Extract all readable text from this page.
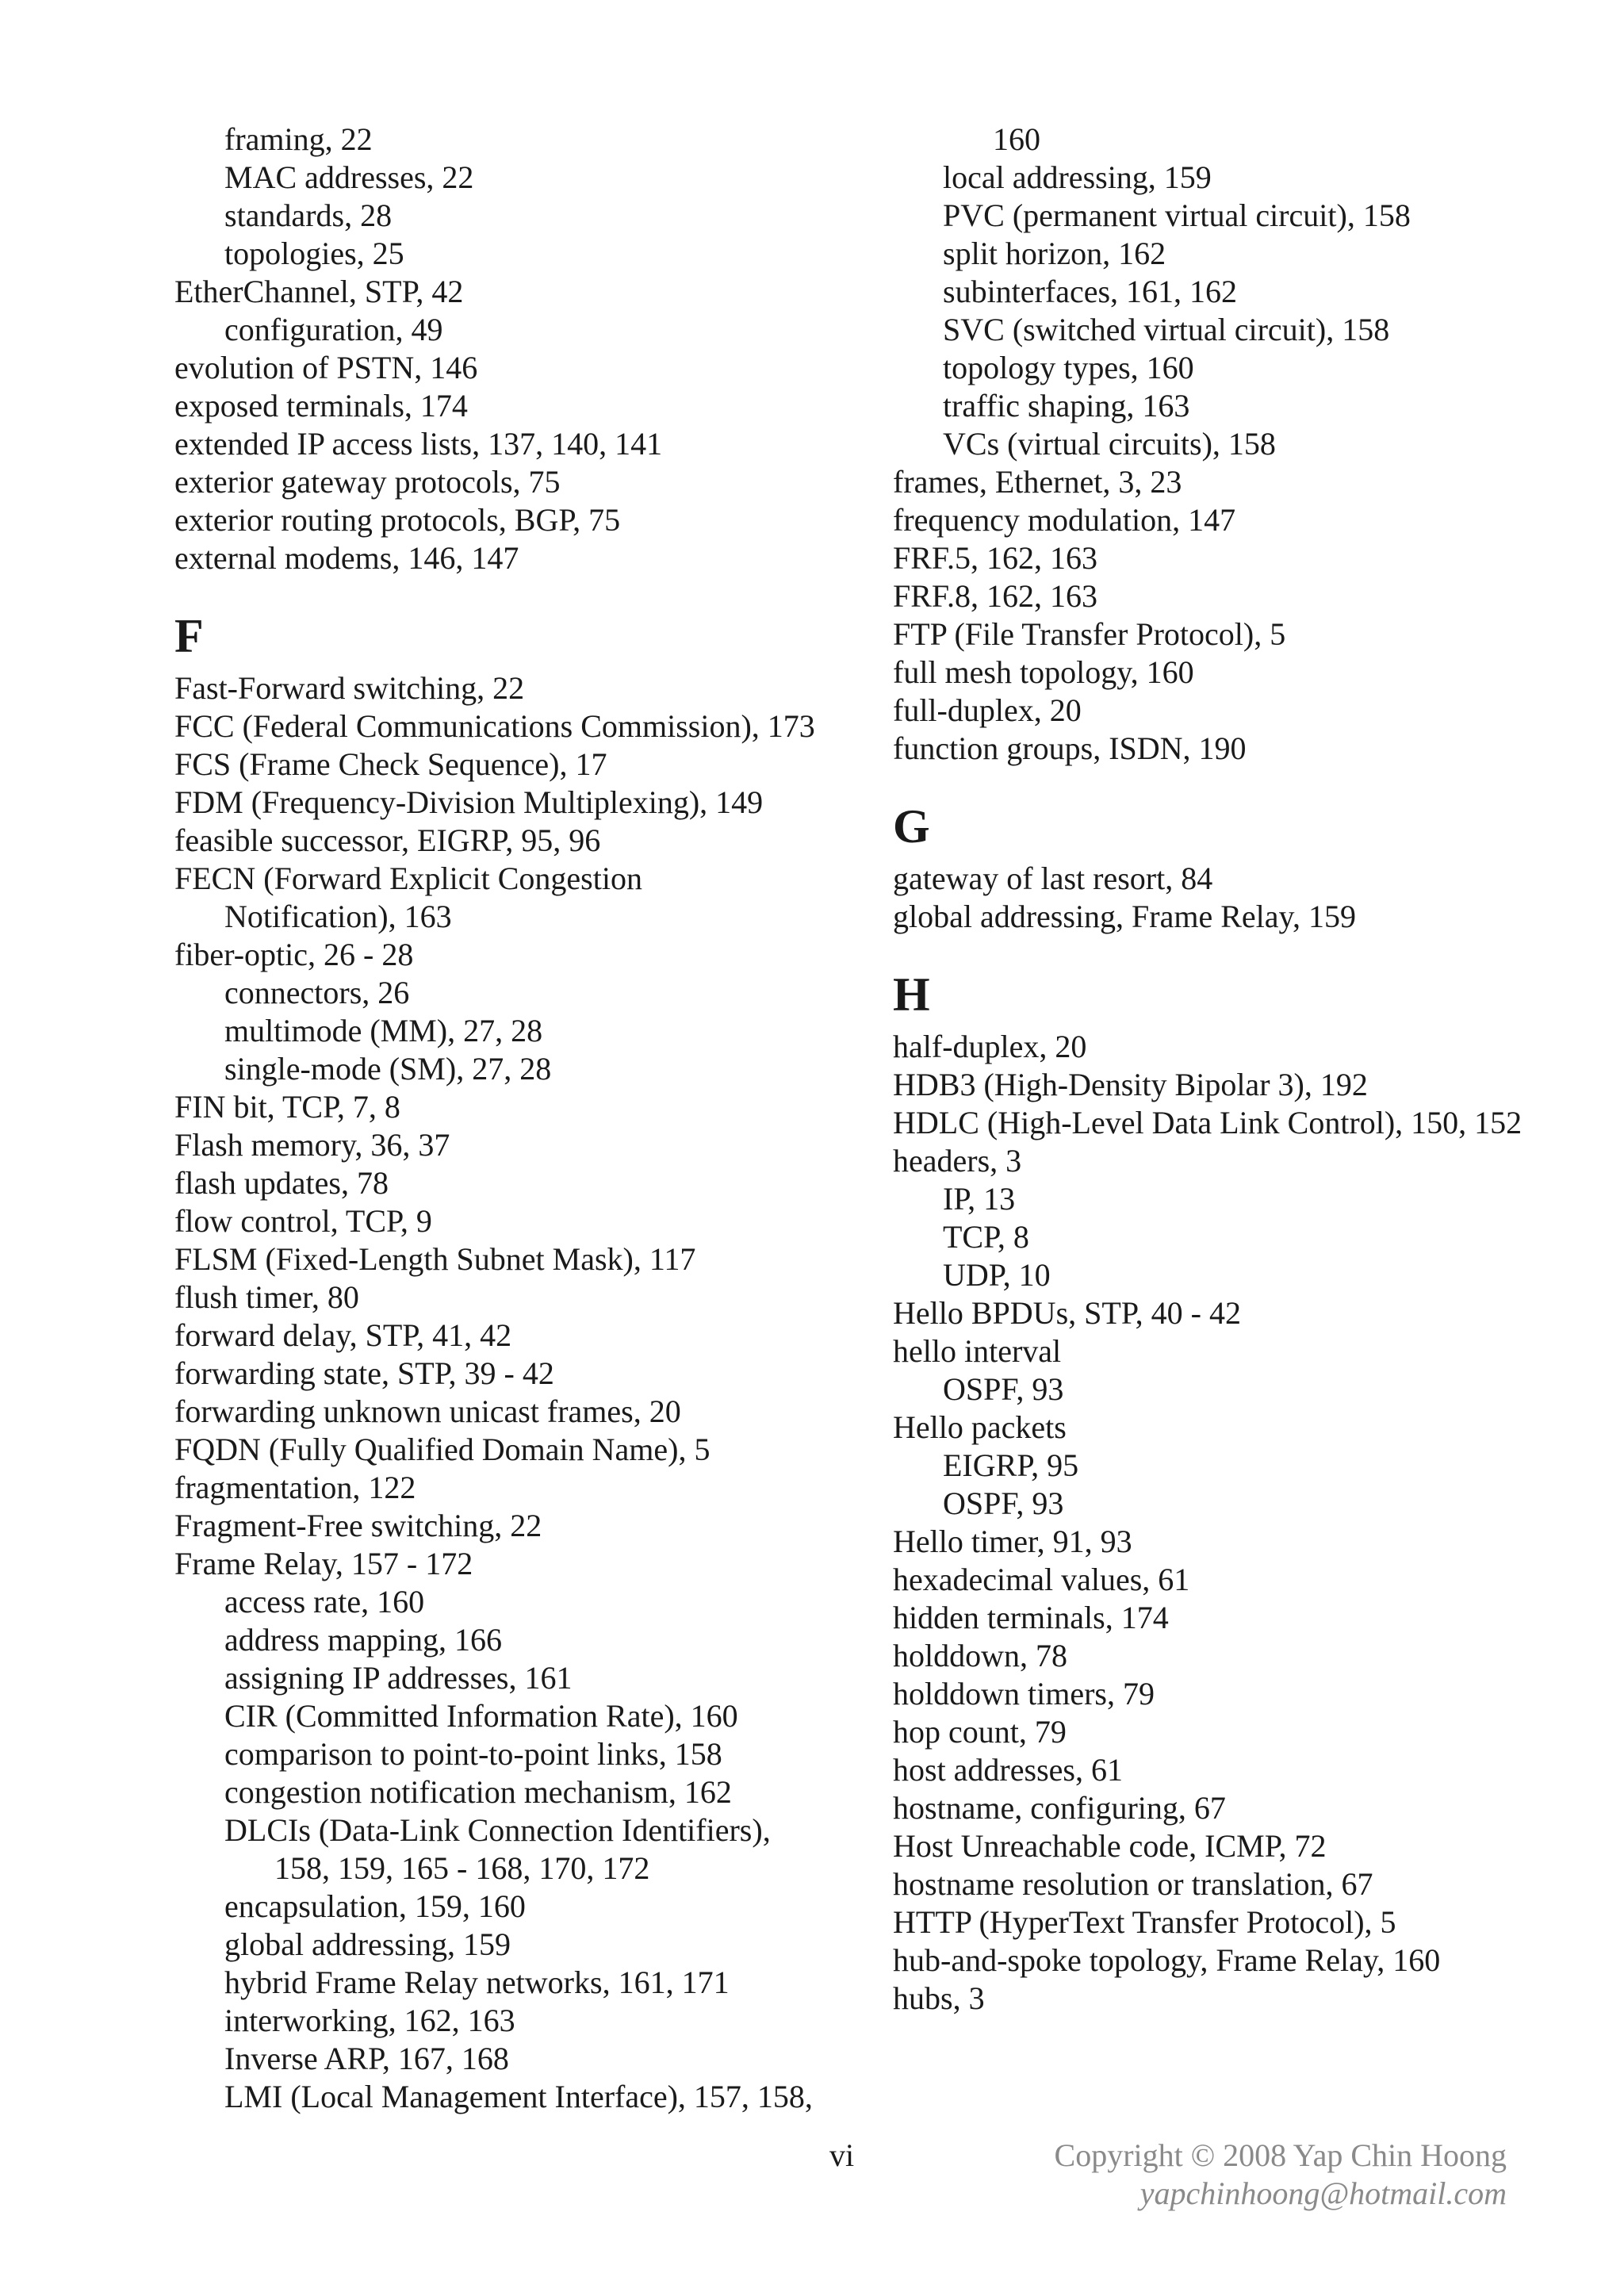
framing, 22
MAC addresses, 22
standards, 28
topologies, 25
EtherChannel, STP, 42
configuration, 49
evolution of PSTN, 146
exposed terminals, 174
extended IP access lists, 137, 140, 141
exterior gateway protocols, 75
exterior routing protocols, BGP, 75
external modems, 146, 147
F
Fast-Forward switching, 22
FCC (Federal Communications Commission), 173
FCS (Frame Check Sequence), 17
FDM (Frequency-Division Multiplexing), 149
feasible successor, EIGRP, 95, 96
FECN (Forward Explicit Congestion
Notification), 163
fiber-optic, 26 - 28
connectors, 26
multimode (MM), 27, 28
single-mode (SM), 27, 28
FIN bit, TCP, 7, 8
Flash memory, 36, 37
flash updates, 78
flow control, TCP, 9
FLSM (Fixed-Length Subnet Mask), 117
flush timer, 80
forward delay, STP, 41, 42
forwarding state, STP, 39 - 42
forwarding unknown unicast frames, 20
FQDN (Fully Qualified Domain Name), 5
fragmentation, 122
Fragment-Free switching, 22
Frame Relay, 157 - 172
access rate, 160
address mapping, 166
assigning IP addresses, 161
CIR (Committed Information Rate), 160
comparison to point-to-point links, 158
congestion notification mechanism, 162
DLCIs (Data-Link Connection Identifiers),
158, 159, 165 - 168, 170, 172
encapsulation, 159, 160
global addressing, 159
hybrid Frame Relay networks, 161, 171
interworking, 162, 163
Inverse ARP, 167, 168
LMI (Local Management Interface), 157, 158,
160
local addressing, 159
PVC (permanent virtual circuit), 158
split horizon, 162
subinterfaces, 161, 162
SVC (switched virtual circuit), 158
topology types, 160
traffic shaping, 163
VCs (virtual circuits), 158
frames, Ethernet, 3, 23
frequency modulation, 147
FRF.5, 162, 163
FRF.8, 162, 163
FTP (File Transfer Protocol), 5
full mesh topology, 160
full-duplex, 20
function groups, ISDN, 190
G
gateway of last resort, 84
global addressing, Frame Relay, 159
H
half-duplex, 20
HDB3 (High-Density Bipolar 3), 192
HDLC (High-Level Data Link Control), 150, 152
headers, 3
IP, 13
TCP, 8
UDP, 10
Hello BPDUs, STP, 40 - 42
hello interval
OSPF, 93
Hello packets
EIGRP, 95
OSPF, 93
Hello timer, 91, 93
hexadecimal values, 61
hidden terminals, 174
holddown, 78
holddown timers, 79
hop count, 79
host addresses, 61
hostname, configuring, 67
Host Unreachable code, ICMP, 72
hostname resolution or translation, 67
HTTP (HyperText Transfer Protocol), 5
hub-and-spoke topology, Frame Relay, 160
hubs, 3
vi	Copyright © 2008 Yap Chin Hoong
yapchinhoong@hotmail.com
